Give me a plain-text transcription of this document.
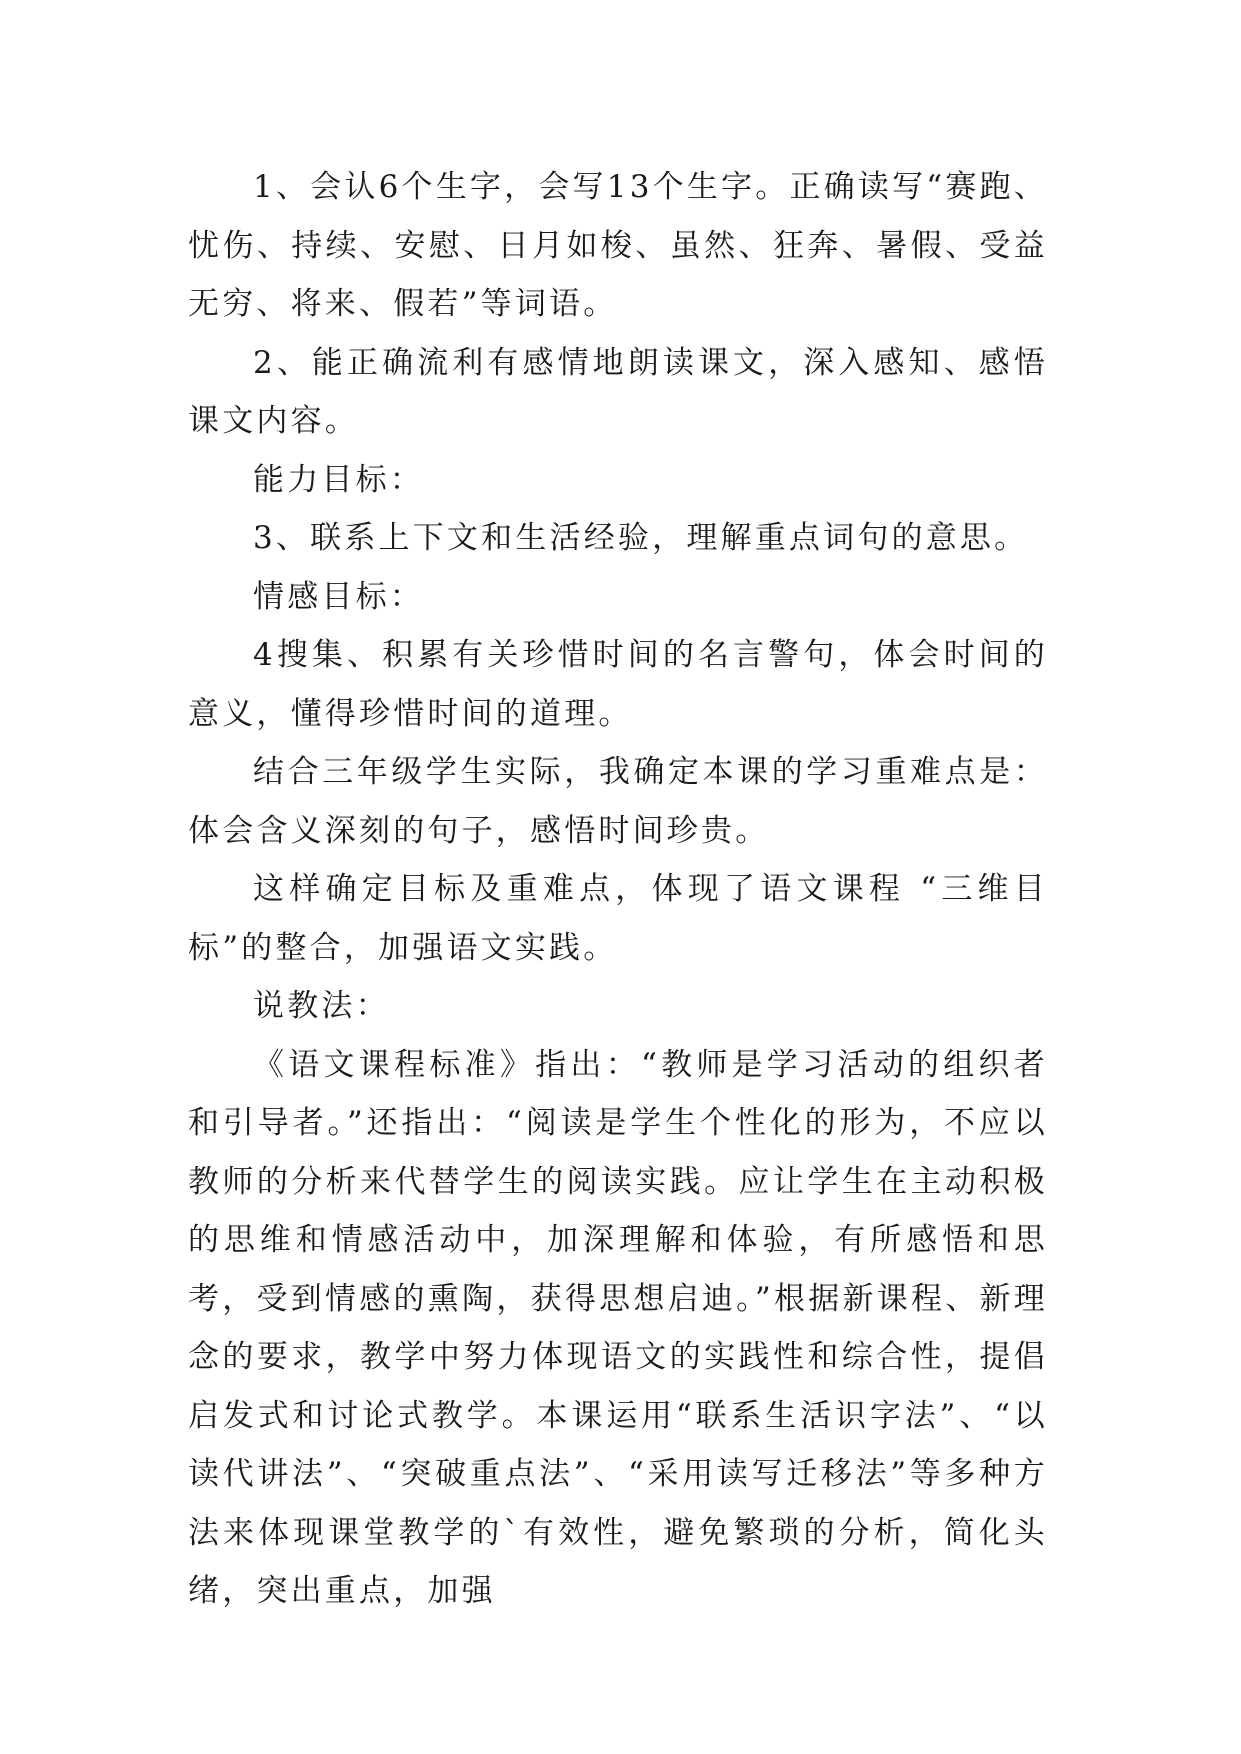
1、会认6个生字，会写13个生字。正确读写“赛跑、忧伤、持续、安慰、日月如梭、虽然、狂奔、暑假、受益无穷、将来、假若”等词语。

2、能正确流利有感情地朗读课文，深入感知、感悟课文内容。

能力目标：

3、联系上下文和生活经验，理解重点词句的意思。

情感目标：

4搜集、积累有关珍惜时间的名言警句，体会时间的意义，懂得珍惜时间的道理。

结合三年级学生实际，我确定本课的学习重难点是：体会含义深刻的句子，感悟时间珍贵。

这样确定目标及重难点，体现了语文课程 “三维目标”的整合，加强语文实践。

说教法：

《语文课程标准》指出：“教师是学习活动的组织者和引导者。”还指出：“阅读是学生个性化的形为，不应以教师的分析来代替学生的阅读实践。应让学生在主动积极的思维和情感活动中，加深理解和体验，有所感悟和思考，受到情感的熏陶，获得思想启迪。”根据新课程、新理念的要求，教学中努力体现语文的实践性和综合性，提倡启发式和讨论式教学。本课运用“联系生活识字法”、“以读代讲法”、“突破重点法”、“采用读写迁移法”等多种方法来体现课堂教学的`有效性，避免繁琐的分析，简化头绪，突出重点，加强
